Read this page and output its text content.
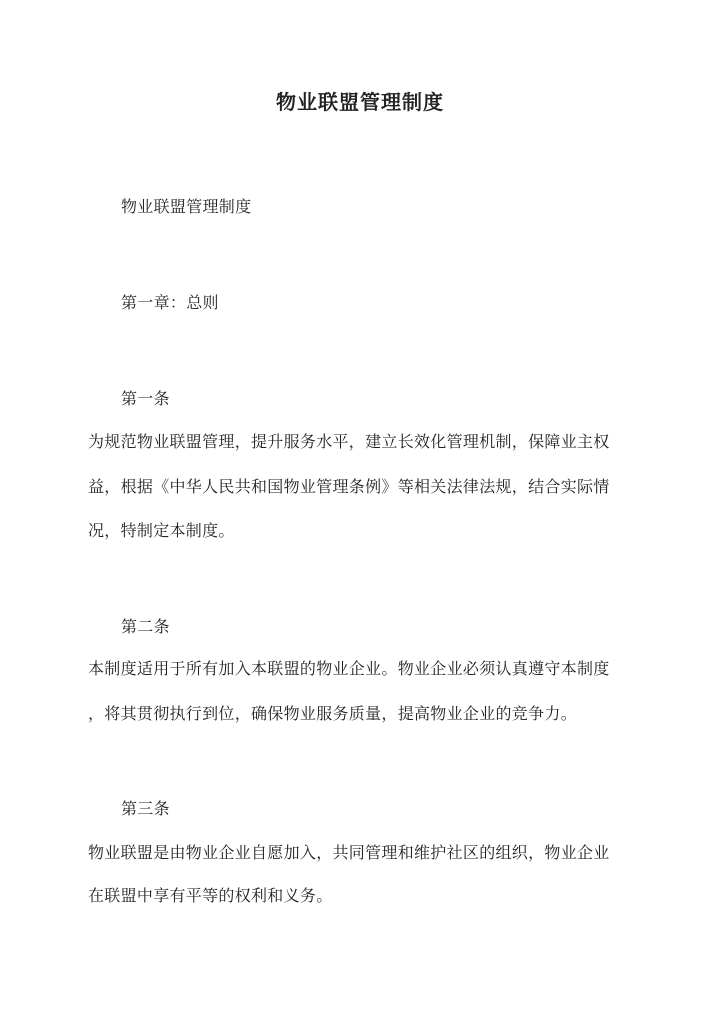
物业联盟管理制度
物业联盟管理制度
第一章：总则
第一条
为规范物业联盟管理，提升服务水平，建立长效化管理机制，保障业主权
益，根据《中华人民共和国物业管理条例》等相关法律法规，结合实际情
况，特制定本制度。
第二条
本制度适用于所有加入本联盟的物业企业。物业企业必须认真遵守本制度
，将其贯彻执行到位，确保物业服务质量，提高物业企业的竞争力。
第三条
物业联盟是由物业企业自愿加入，共同管理和维护社区的组织，物业企业
在联盟中享有平等的权利和义务。
